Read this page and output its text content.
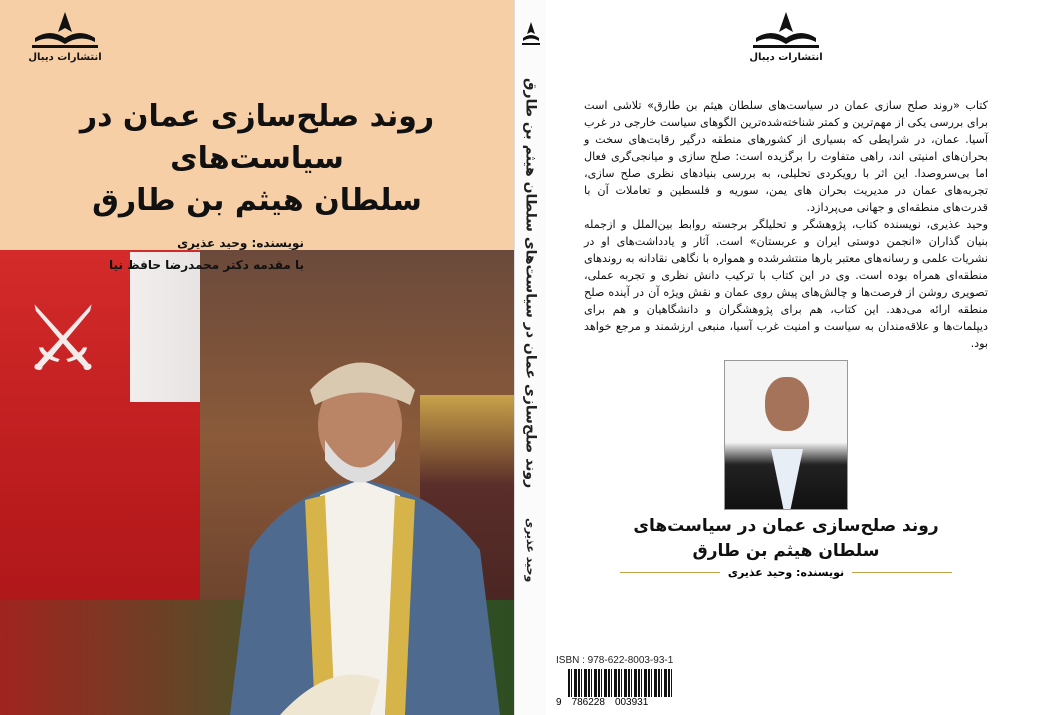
⚔
انتشارات دیبال
روند صلح‌سازی عمان در سیاست‌های
سلطان هیثم بن طارق
نویسنده: وحید عذیری
با مقدمه دکتر محمدرضا حافظ نیا	روند صلح‌سازی عمان در سیاست‌های سلطان هیثم بن طارق
وحید عذیری
انتشارات دیبال

کتاب «روند صلح سازی عمان در سیاست‌های سلطان هیثم بن طارق» تلاشی است برای بررسی یکی از مهم‌ترین و کمتر شناخته‌شده‌ترین الگوهای سیاست خارجی در غرب آسیا. عمان، در شرایطی که بسیاری از کشورهای منطقه درگیر رقابت‌های سخت و بحران‌های امنیتی اند، راهی متفاوت را برگزیده است: صلح سازی و میانجی‌گری فعال اما بی‌سروصدا. این اثر با رویکردی تحلیلی، به بررسی بنیادهای نظری صلح سازی، تجربه‌های عمان در مدیریت بحران های یمن، سوریه و فلسطین و تعاملات آن با قدرت‌های منطقه‌ای و جهانی می‌پردازد.

وحید عذیری، نویسنده کتاب، پژوهشگر و تحلیلگر برجسته روابط بین‌الملل و ازجمله بنیان گذاران «انجمن دوستی ایران و عربستان» است. آثار و یادداشت‌های او در نشریات علمی و رسانه‌های معتبر بارها منتشرشده و همواره با نگاهی نقادانه به روندهای منطقه‌ای همراه بوده است. وی در این کتاب با ترکیب دانش نظری و تجربه عملی، تصویری روشن از فرصت‌ها و چالش‌های پیش روی عمان و نقش ویژه آن در آینده صلح منطقه ارائه می‌دهد. این کتاب، هم برای پژوهشگران و دانشگاهیان و هم برای دیپلمات‌ها و علاقه‌مندان به سیاست و امنیت غرب آسیا، منبعی ارزشمند و مرجع خواهد بود.

روند صلح‌سازی عمان در سیاست‌های
سلطان هیثم بن طارق
نویسنده: وحید عذیری
ISBN : 978-622-8003-93-1
9 786228 003931
